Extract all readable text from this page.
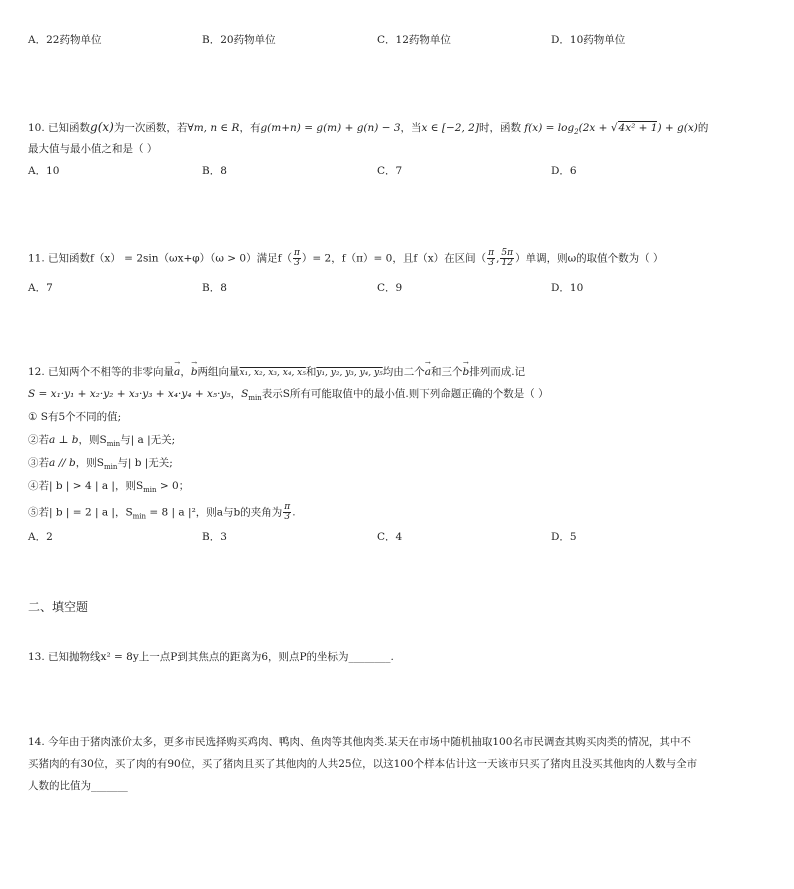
A．22药物单位	B．20药物单位	C．12药物单位	D．10药物单位
10. 已知函数g(x)为一次函数，若∀m, n ∈ R，有g(m+n) = g(m) + g(n) − 3，当x ∈ [−2, 2]时，函数 $f(x) = \log_2(2x + √4x^2 + 1) + g(x)$的
最大值与最小值之和是（ ）
A．10	B．8	C．7	D．6
11. 已知函数f（x） = 2sin（ωx+φ）（ω > 0）满足$f( \frac{\pi}{3}$ ）= 2，f（π）= 0，且f（x）在区间（ $\frac{\pi}{3}$ , $\frac{5\pi}{12}$ ）单调，则ω的取值个数为（ ）
A．7	B．8	C．9	D．10
12. 已知两个不相等的非零向量→ a，→ b两组向量x₁, x₂, x₃, x₄, x₅和y₁, y₂, y₃, y₄, y₅均由二个→ a和三个→ b排列而成.记
S = x₁·y₁ + x₂·y₂ + x₃·y₃ + x₄·y₄ + x₅·y₅，$S_{min}$表示S所有可能取值中的最小值.则下列命题正确的个数是（ ）
① S有5个不同的值;
②若a ⊥ b，则$S_{min}$与| a |无关;
③若a // b，则$S_{min}$与| b |无关;
④若| b | > 4 | a |，则$S_{min} > 0$；
⑤若| b | = 2 | a |，$S_{min} = 8$ | a |²，则a与b的夹角为 $\frac{\pi}{3}$ .
A．2	B．3	C．4	D．5
二、填空题
13. 已知抛物线x² = 8y上一点P到其焦点的距离为6，则点P的坐标为________.
14. 今年由于猪肉涨价太多，更多市民选择购买鸡肉、鸭肉、鱼肉等其他肉类.某天在市场中随机抽取100名市民调查其购买肉类的情况，其中不
买猪肉的有30位，买了肉的有90位，买了猪肉且买了其他肉的人共25位，以这100个样本估计这一天该市只买了猪肉且没买其他肉的人数与全市
人数的比值为_______
